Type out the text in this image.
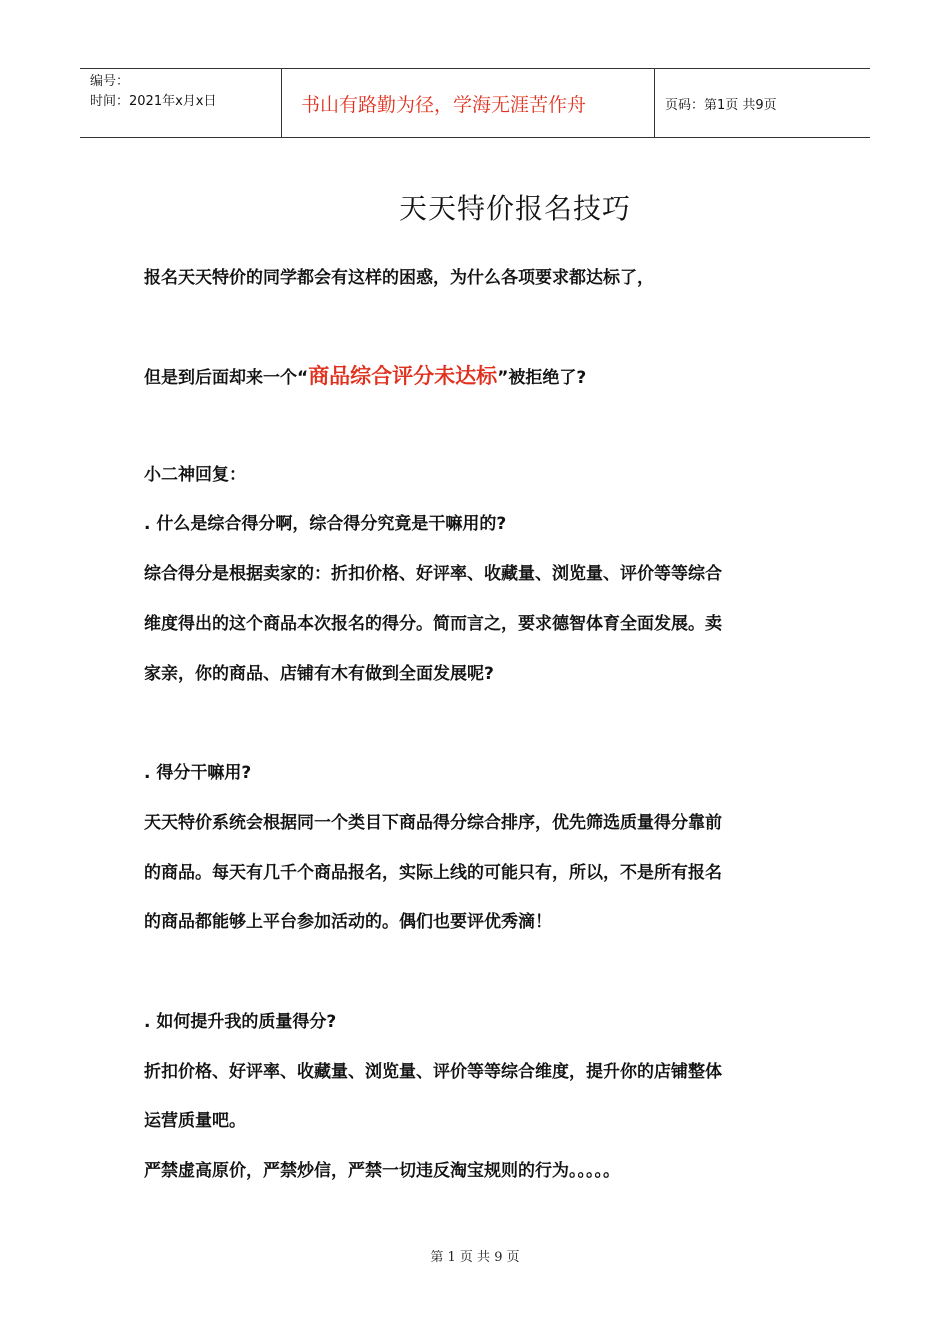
编号：
时间：2021年x月x日	书山有路勤为径，学海无涯苦作舟	页码：第1页 共9页
天天特价报名技巧

报名天天特价的同学都会有这样的困惑，为什么各项要求都达标了，

但是到后面却来一个“商品综合评分未达标”被拒绝了?

小二神回复：

. 什么是综合得分啊，综合得分究竟是干嘛用的?

综合得分是根据卖家的：折扣价格、好评率、收藏量、浏览量、评价等等综合

维度得出的这个商品本次报名的得分。简而言之，要求德智体育全面发展。卖

家亲，你的商品、店铺有木有做到全面发展呢?

. 得分干嘛用?

天天特价系统会根据同一个类目下商品得分综合排序，优先筛选质量得分靠前

的商品。每天有几千个商品报名，实际上线的可能只有，所以，不是所有报名

的商品都能够上平台参加活动的。偶们也要评优秀滴！

. 如何提升我的质量得分?

折扣价格、好评率、收藏量、浏览量、评价等等综合维度，提升你的店铺整体

运营质量吧。

严禁虚高原价，严禁炒信，严禁一切违反淘宝规则的行为。。。。。

第 1 页 共 9 页
